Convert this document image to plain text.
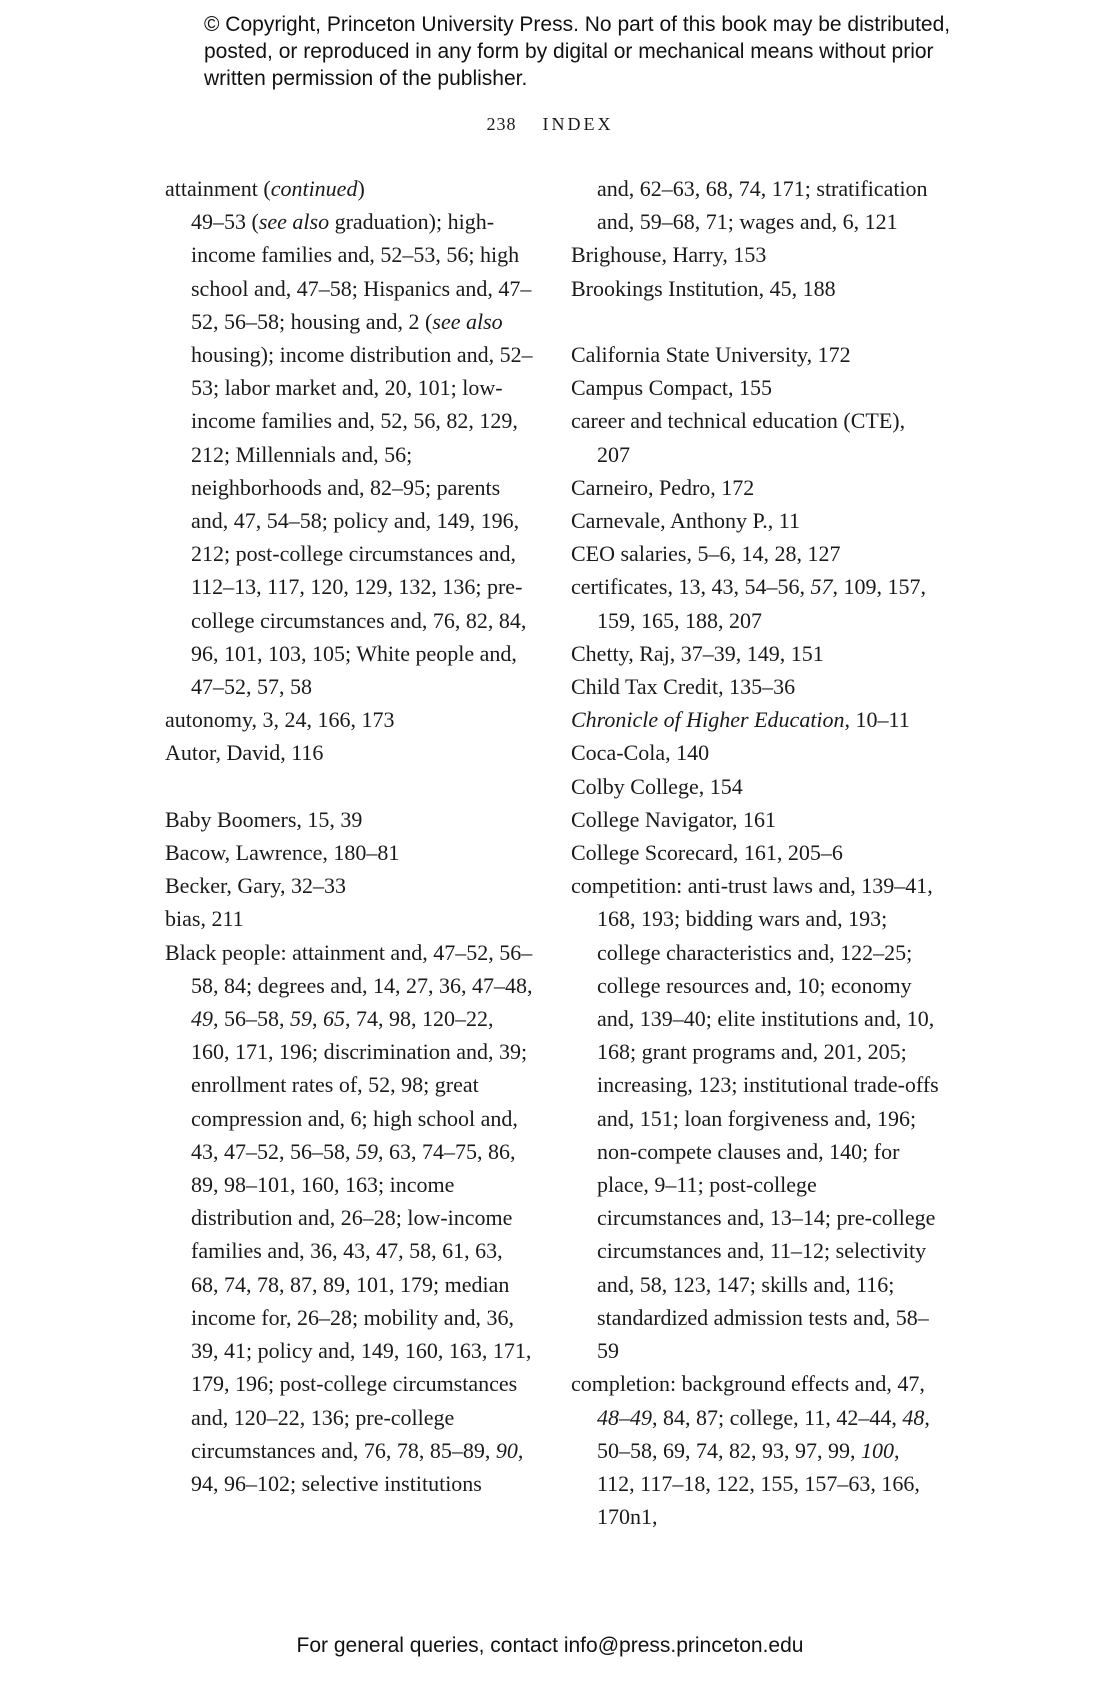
© Copyright, Princeton University Press. No part of this book may be distributed, posted, or reproduced in any form by digital or mechanical means without prior written permission of the publisher.

238 INDEX

attainment (continued)

49–53 (see also graduation); high-income families and, 52–53, 56; high school and, 47–58; Hispanics and, 47–52, 56–58; housing and, 2 (see also housing); income distribution and, 52–53; labor market and, 20, 101; low-income families and, 52, 56, 82, 129, 212; Millennials and, 56; neighborhoods and, 82–95; parents and, 47, 54–58; policy and, 149, 196, 212; post-college circumstances and, 112–13, 117, 120, 129, 132, 136; pre-college circumstances and, 76, 82, 84, 96, 101, 103, 105; White people and, 47–52, 57, 58

autonomy, 3, 24, 166, 173

Autor, David, 116

Baby Boomers, 15, 39

Bacow, Lawrence, 180–81

Becker, Gary, 32–33

bias, 211

Black people: attainment and, 47–52, 56–58, 84; degrees and, 14, 27, 36, 47–48, 49, 56–58, 59, 65, 74, 98, 120–22, 160, 171, 196; discrimination and, 39; enrollment rates of, 52, 98; great compression and, 6; high school and, 43, 47–52, 56–58, 59, 63, 74–75, 86, 89, 98–101, 160, 163; income distribution and, 26–28; low-income families and, 36, 43, 47, 58, 61, 63, 68, 74, 78, 87, 89, 101, 179; median income for, 26–28; mobility and, 36, 39, 41; policy and, 149, 160, 163, 171, 179, 196; post-college circumstances and, 120–22, 136; pre-college circumstances and, 76, 78, 85–89, 90, 94, 96–102; selective institutions

and, 62–63, 68, 74, 171; stratification and, 59–68, 71; wages and, 6, 121

Brighouse, Harry, 153

Brookings Institution, 45, 188

California State University, 172

Campus Compact, 155

career and technical education (CTE), 207

Carneiro, Pedro, 172

Carnevale, Anthony P., 11

CEO salaries, 5–6, 14, 28, 127

certificates, 13, 43, 54–56, 57, 109, 157, 159, 165, 188, 207

Chetty, Raj, 37–39, 149, 151

Child Tax Credit, 135–36

Chronicle of Higher Education, 10–11

Coca-Cola, 140

Colby College, 154

College Navigator, 161

College Scorecard, 161, 205–6

competition: anti-trust laws and, 139–41, 168, 193; bidding wars and, 193; college characteristics and, 122–25; college resources and, 10; economy and, 139–40; elite institutions and, 10, 168; grant programs and, 201, 205; increasing, 123; institutional trade-offs and, 151; loan forgiveness and, 196; non-compete clauses and, 140; for place, 9–11; post-college circumstances and, 13–14; pre-college circumstances and, 11–12; selectivity and, 58, 123, 147; skills and, 116; standardized admission tests and, 58–59

completion: background effects and, 47, 48–49, 84, 87; college, 11, 42–44, 48, 50–58, 69, 74, 82, 93, 97, 99, 100, 112, 117–18, 122, 155, 157–63, 166, 170n1,

For general queries, contact info@press.princeton.edu
